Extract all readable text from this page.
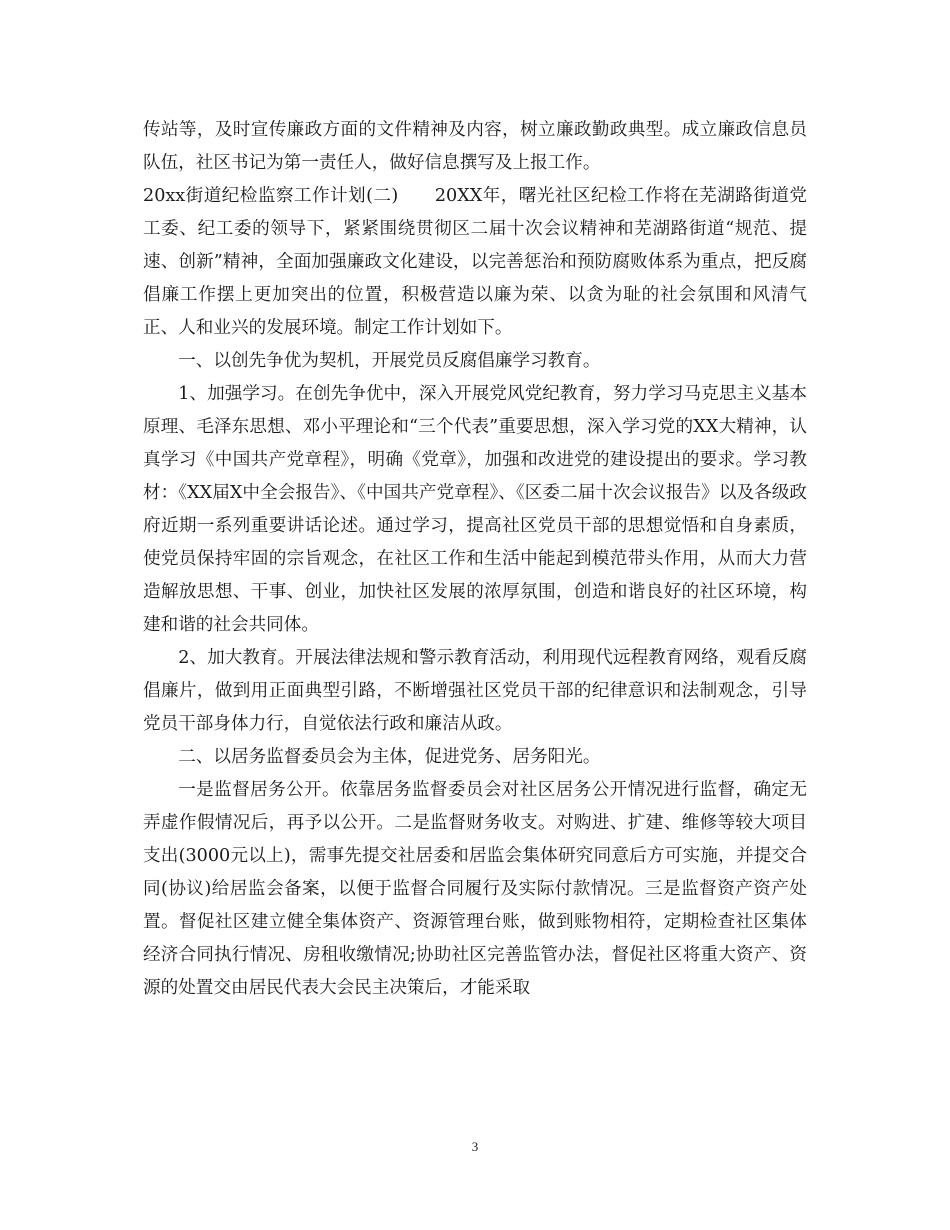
传站等，及时宣传廉政方面的文件精神及内容，树立廉政勤政典型。成立廉政信息员队伍，社区书记为第一责任人，做好信息撰写及上报工作。

20xx街道纪检监察工作计划(二)　　20XX年，曙光社区纪检工作将在芜湖路街道党工委、纪工委的领导下，紧紧围绕贯彻区二届十次会议精神和芜湖路街道“规范、提速、创新”精神，全面加强廉政文化建设，以完善惩治和预防腐败体系为重点，把反腐倡廉工作摆上更加突出的位置，积极营造以廉为荣、以贪为耻的社会氛围和风清气正、人和业兴的发展环境。制定工作计划如下。

一、以创先争优为契机，开展党员反腐倡廉学习教育。

1、加强学习。在创先争优中，深入开展党风党纪教育，努力学习马克思主义基本原理、毛泽东思想、邓小平理论和“三个代表”重要思想，深入学习党的XX大精神，认真学习《中国共产党章程》，明确《党章》，加强和改进党的建设提出的要求。学习教材：《XX届X中全会报告》、《中国共产党章程》、《区委二届十次会议报告》以及各级政府近期一系列重要讲话论述。通过学习，提高社区党员干部的思想觉悟和自身素质，使党员保持牢固的宗旨观念，在社区工作和生活中能起到模范带头作用，从而大力营造解放思想、干事、创业，加快社区发展的浓厚氛围，创造和谐良好的社区环境，构建和谐的社会共同体。

2、加大教育。开展法律法规和警示教育活动，利用现代远程教育网络，观看反腐倡廉片，做到用正面典型引路，不断增强社区党员干部的纪律意识和法制观念，引导党员干部身体力行，自觉依法行政和廉洁从政。

二、以居务监督委员会为主体，促进党务、居务阳光。

一是监督居务公开。依靠居务监督委员会对社区居务公开情况进行监督，确定无弄虚作假情况后，再予以公开。二是监督财务收支。对购进、扩建、维修等较大项目支出(3000元以上)，需事先提交社居委和居监会集体研究同意后方可实施，并提交合同(协议)给居监会备案，以便于监督合同履行及实际付款情况。三是监督资产资产处置。督促社区建立健全集体资产、资源管理台账，做到账物相符，定期检查社区集体经济合同执行情况、房租收缴情况;协助社区完善监管办法，督促社区将重大资产、资源的处置交由居民代表大会民主决策后，才能采取

3
